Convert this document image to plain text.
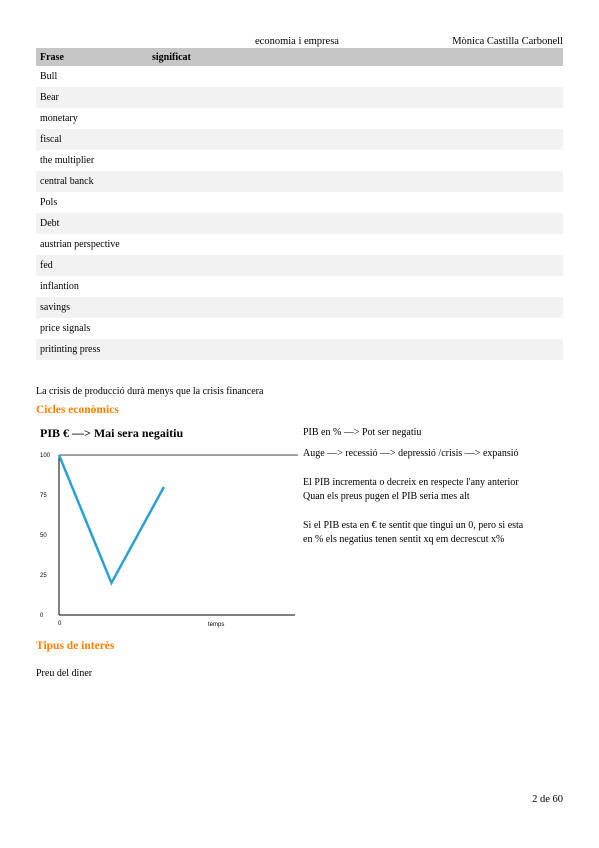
economia i empresa	Mònica Castilla Carbonell
Frase	significat
Bull	
Bear	
monetary	
fiscal	
the multiplier	
central banck	
Pols	
Debt	
austrian perspective	
fed	
inflantion	
savings	
price signals	
pritinting press	
La crisis de producció durà menys que la crisis financera
Cicles econòmics
PIB € —> Mai sera negaitiu
100
75
50
25
0
0	temps
PIB en % —> Pot ser negatiu
Auge —> recessió —> depressió /crisis —> expansió
El PIB incrementa o decreix en respecte l'any anterior
Quan els preus pugen el PIB seria mes alt
Si el PIB esta en € te sentit que tingui un 0, pero si esta
en % els negatius tenen sentit xq em decrescut x%
Tipus de interès
Preu del diner
2 de 60
